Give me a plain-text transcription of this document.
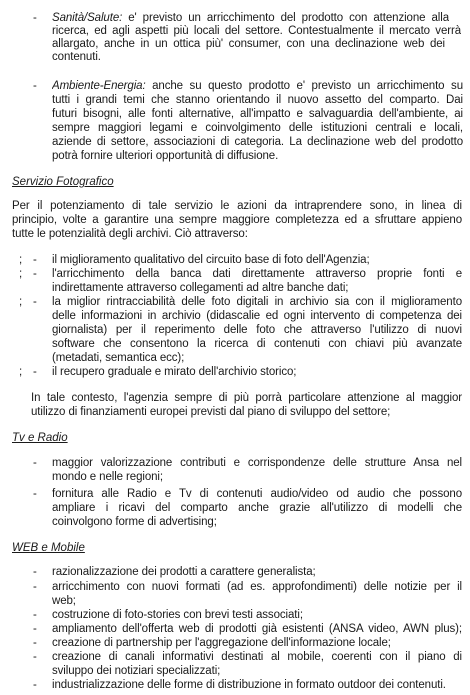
- Sanità/Salute: e' previsto un arricchimento del prodotto con attenzione alla
ricerca, ed agli aspetti più locali del settore. Contestualmente il mercato verrà
allargato, anche in un ottica più' consumer, con una declinazione web dei
contenuti.
- Ambiente-Energia: anche su questo prodotto e' previsto un arricchimento su
tutti i grandi temi che stanno orientando il nuovo assetto del comparto. Dai
futuri bisogni, alle fonti alternative, all'impatto e salvaguardia dell'ambiente, ai
sempre maggiori legami e coinvolgimento delle istituzioni centrali e locali,
aziende di settore, associazioni di categoria. La declinazione web del prodotto
potrà fornire ulteriori opportunità di diffusione.
Servizio Fotografico
Per il potenziamento di tale servizio le azioni da intraprendere sono, in linea di
principio, volte a garantire una sempre maggiore completezza ed a sfruttare appieno
tutte le potenzialità degli archivi. Ciò attraverso:
- il miglioramento qualitativo del circuito base di foto dell'Agenzia;
- l'arricchimento della banca dati direttamente attraverso proprie fonti e
indirettamente attraverso collegamenti ad altre banche dati;
- la miglior rintracciabilità delle foto digitali in archivio sia con il miglioramento
delle informazioni in archivio (didascalie ed ogni intervento di competenza dei
giornalista) per il reperimento delle foto che attraverso l'utilizzo di nuovi
software che consentono la ricerca di contenuti con chiavi più avanzate
(metadati, semantica ecc);
- il recupero graduale e mirato dell'archivio storico;
In tale contesto, l'agenzia sempre di più porrà particolare attenzione al maggior
utilizzo di finanziamenti europei previsti dal piano di sviluppo del settore;
Tv e Radio
- maggior valorizzazione contributi e corrispondenze delle strutture Ansa nel
mondo e nelle regioni;
- fornitura alle Radio e Tv di contenuti audio/video od audio che possono
ampliare i ricavi del comparto anche grazie all'utilizzo di modelli che
coinvolgono forme di advertising;
WEB e Mobile
- razionalizzazione dei prodotti a carattere generalista;
- arricchimento con nuovi formati (ad es. approfondimenti) delle notizie per il
web;
- costruzione di foto-stories con brevi testi associati;
- ampliamento dell'offerta web di prodotti già esistenti (ANSA video, AWN plus);
- creazione di partnership per l'aggregazione dell'informazione locale;
- creazione di canali informativi destinati al mobile, coerenti con il piano di
sviluppo dei notiziari specializzati;
- industrializzazione delle forme di distribuzione in formato outdoor dei contenuti.
;
;
;
;
